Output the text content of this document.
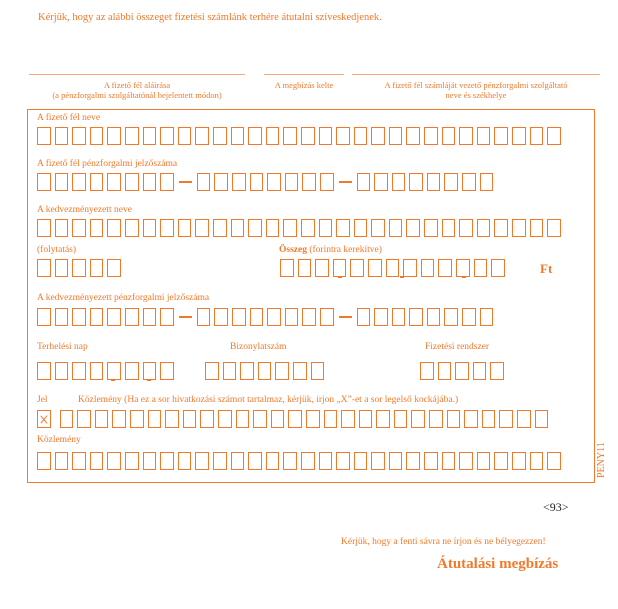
Kérjük, hogy az alábbi összeget fizetési számlánk terhére átutalni szíveskedjenek.
A fizető fél aláírása
(a pénzforgalmi szolgáltatónál bejelentett módon)
A megbízás kelte	A fizető fél számláját vezető pénzforgalmi szolgáltató
neve és székhelye
A fizető fél neve
A fizető fél pénzforgalmi jelzőszáma
A kedvezményezett neve
(folytatás)	Összeg (forintra kerekítve)
Ft
A kedvezményezett pénzforgalmi jelzőszáma
Terhelési nap	Bizonylatszám	Fizetési rendszer
Jel	Közlemény (Ha ez a sor hivatkozási számot tartalmaz, kérjük, írjon „X”-et a sor legelső kockájába.)
Közlemény
PENY11
<93>
Kérjük, hogy a fenti sávra ne írjon és ne bélyegezzen!
Átutalási megbízás
